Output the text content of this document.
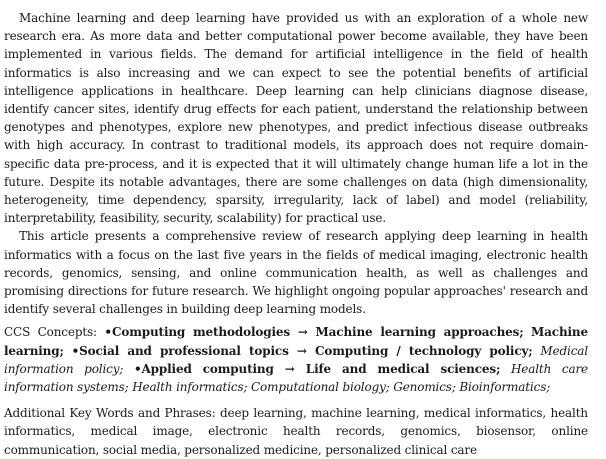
Machine learning and deep learning have provided us with an exploration of a whole new research era. As more data and better computational power become available, they have been implemented in various fields. The demand for artificial intelligence in the field of health informatics is also increasing and we can expect to see the potential benefits of artificial intelligence applications in healthcare. Deep learning can help clinicians diagnose disease, identify cancer sites, identify drug effects for each patient, understand the relationship between genotypes and phenotypes, explore new phenotypes, and predict infectious disease outbreaks with high accuracy. In contrast to traditional models, its approach does not require domain-specific data pre-process, and it is expected that it will ultimately change human life a lot in the future. Despite its notable advantages, there are some challenges on data (high dimensionality, heterogeneity, time dependency, sparsity, irregularity, lack of label) and model (reliability, interpretability, feasibility, security, scalability) for practical use.

This article presents a comprehensive review of research applying deep learning in health informatics with a focus on the last five years in the fields of medical imaging, electronic health records, genomics, sensing, and online communication health, as well as challenges and promising directions for future research. We highlight ongoing popular approaches' research and identify several challenges in building deep learning models.

CCS Concepts: •Computing methodologies → Machine learning approaches; Machine learning; •Social and professional topics → Computing / technology policy; Medical information policy; •Applied computing → Life and medical sciences; Health care information systems; Health informatics; Computational biology; Genomics; Bioinformatics;

Additional Key Words and Phrases: deep learning, machine learning, medical informatics, health informatics, medical image, electronic health records, genomics, biosensor, online communication, social media, personalized medicine, personalized clinical care
